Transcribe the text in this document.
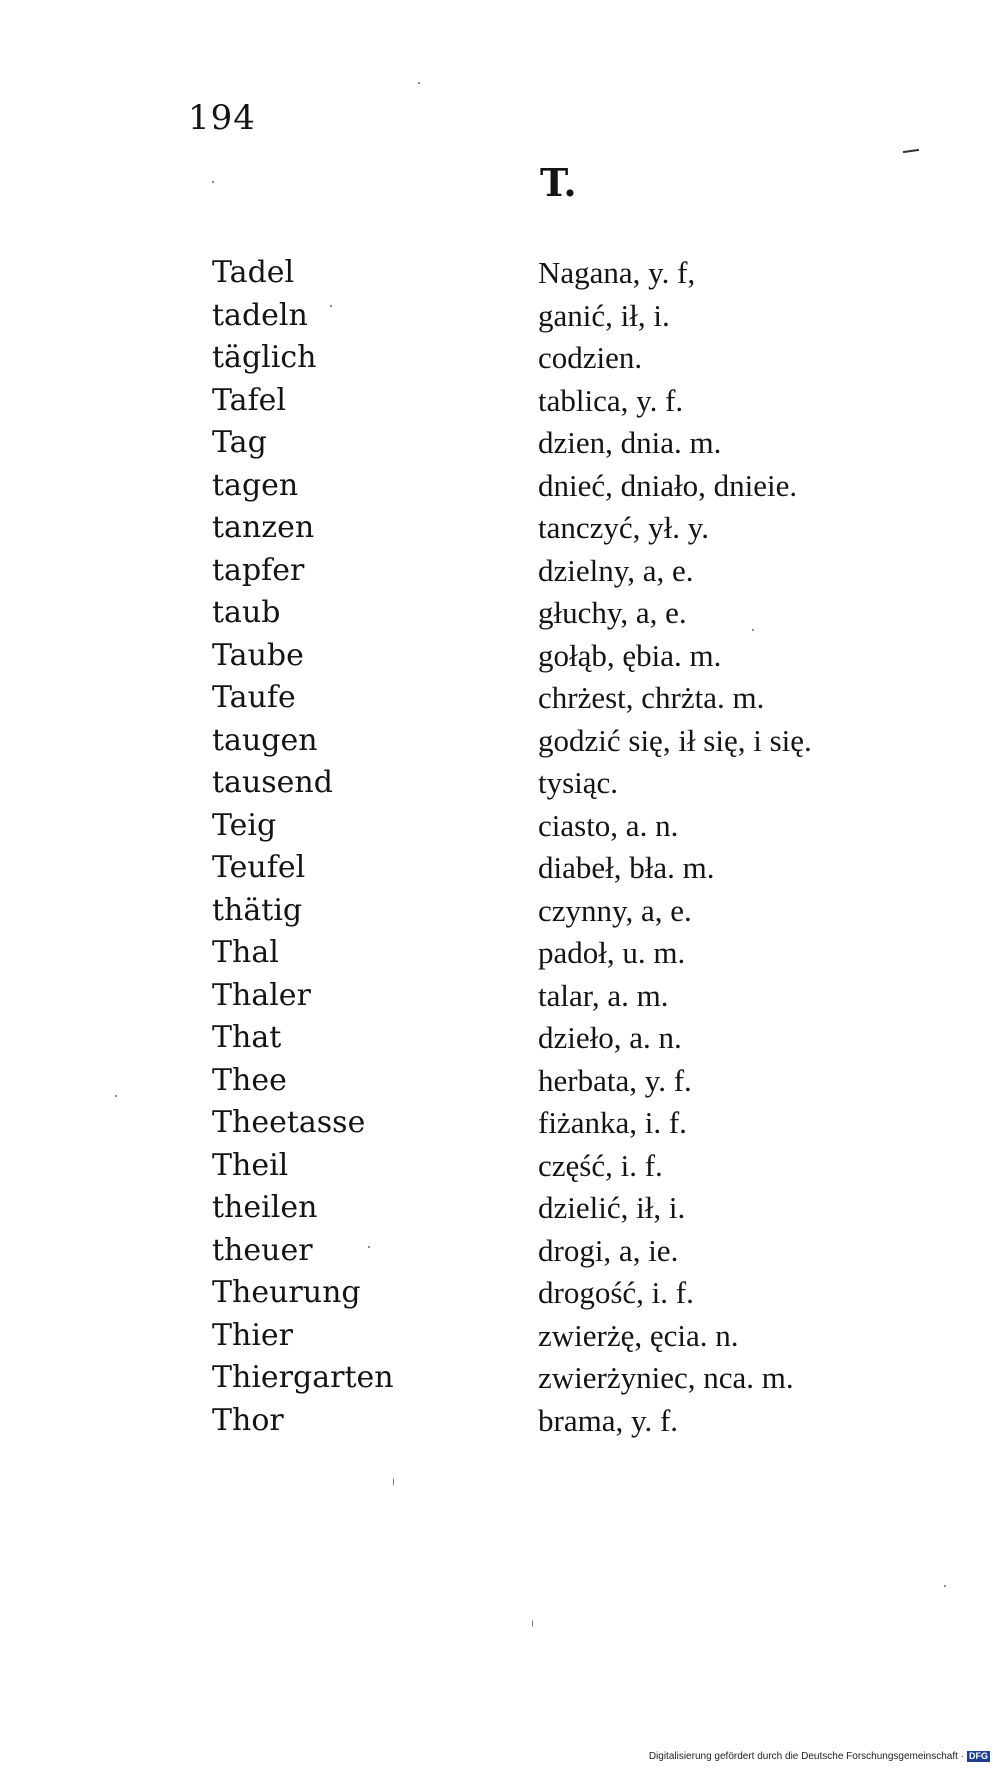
194
T.
Tadel	Nagana, y. f,
tadeln	ganić, ił, i.
täglich	codzien.
Tafel	tablica, y. f.
Tag	dzien, dnia. m.
tagen	dnieć, dniało, dnieie.
tanzen	tanczyć, ył. y.
tapfer	dzielny, a, e.
taub	głuchy, a, e.
Taube	gołąb, ębia. m.
Taufe	chrżest, chrżta. m.
taugen	godzić się, ił się, i się.
tausend	tysiąc.
Teig	ciasto, a. n.
Teufel	diabeł, bła. m.
thätig	czynny, a, e.
Thal	padoł, u. m.
Thaler	talar, a. m.
That	dzieło, a. n.
Thee	herbata, y. f.
Theetasse	fiżanka, i. f.
Theil	część, i. f.
theilen	dzielić, ił, i.
theuer	drogi, a, ie.
Theurung	drogość, i. f.
Thier	zwierżę, ęcia. n.
Thiergarten	zwierżyniec, nca. m.
Thor	brama, y. f.
Digitalisierung gefördert durch die Deutsche Forschungsgemeinschaft · DFG
